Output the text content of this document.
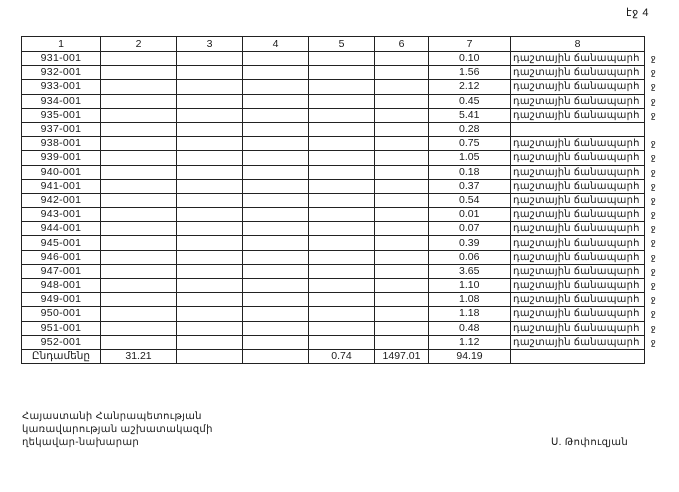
էջ 4
1	2	3	4	5	6	7	8
931-001						0.10	դաշտային ճանապարհ ջ

932-001						1.56	դաշտային ճանապարհ ջ

933-001						2.12	դաշտային ճանապարհ ջ

934-001						0.45	դաշտային ճանապարհ ջ

935-001						5.41	դաշտային ճանապարհ ջ

937-001						0.28	

938-001						0.75	դաշտային ճանապարհ ջ

939-001						1.05	դաշտային ճանապարհ ջ

940-001						0.18	դաշտային ճանապարհ ջ

941-001						0.37	դաշտային ճանապարհ ջ

942-001						0.54	դաշտային ճանապարհ ջ

943-001						0.01	դաշտային ճանապարհ ջ

944-001						0.07	դաշտային ճանապարհ ջ

945-001						0.39	դաշտային ճանապարհ ջ

946-001						0.06	դաշտային ճանապարհ ջ

947-001						3.65	դաշտային ճանապարհ ջ

948-001						1.10	դաշտային ճանապարհ ջ

949-001						1.08	դաշտային ճանապարհ ջ

950-001						1.18	դաշտային ճանապարհ ջ

951-001						0.48	դաշտային ճանապարհ ջ

952-001						1.12	դաշտային ճանապարհ ջ

Ընդամենը	31.21			0.74	1497.01	94.19	
Հայաստանի Հանրապետության
կառավարության աշխատակազմի
ղեկավար-նախարար	Ս. Թոփուզյան
